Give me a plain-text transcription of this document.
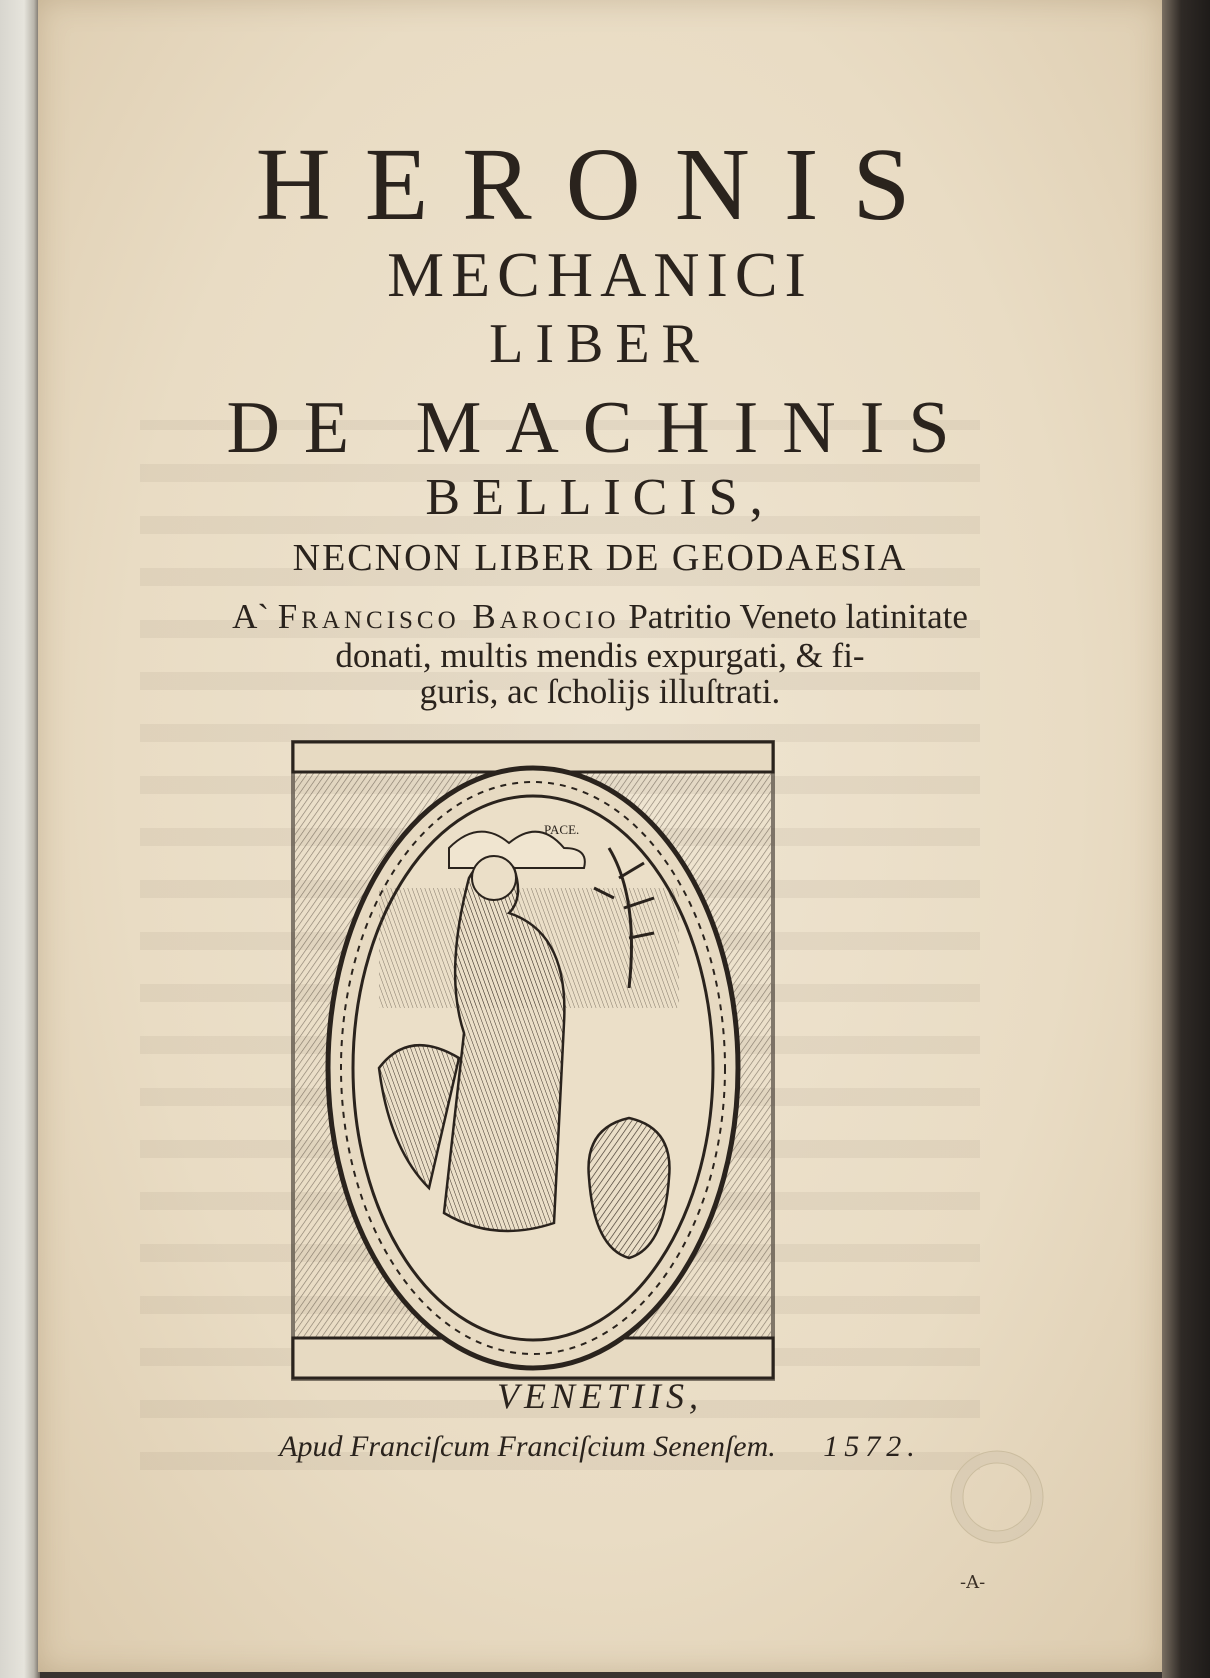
HERONIS
MECHANICI
LIBER
DE MACHINIS
BELLICIS,
NECNON LIBER DE GEODAESIA
A` Francisco Barocio Patritio Veneto latinitate
donati, multis mendis expurgati, & fi-
guris, ac ſcholijs illuſtrati.
PACE.
VENETIIS,
Apud Franciſcum Franciſcium Senenſem. 1572.
-A-
